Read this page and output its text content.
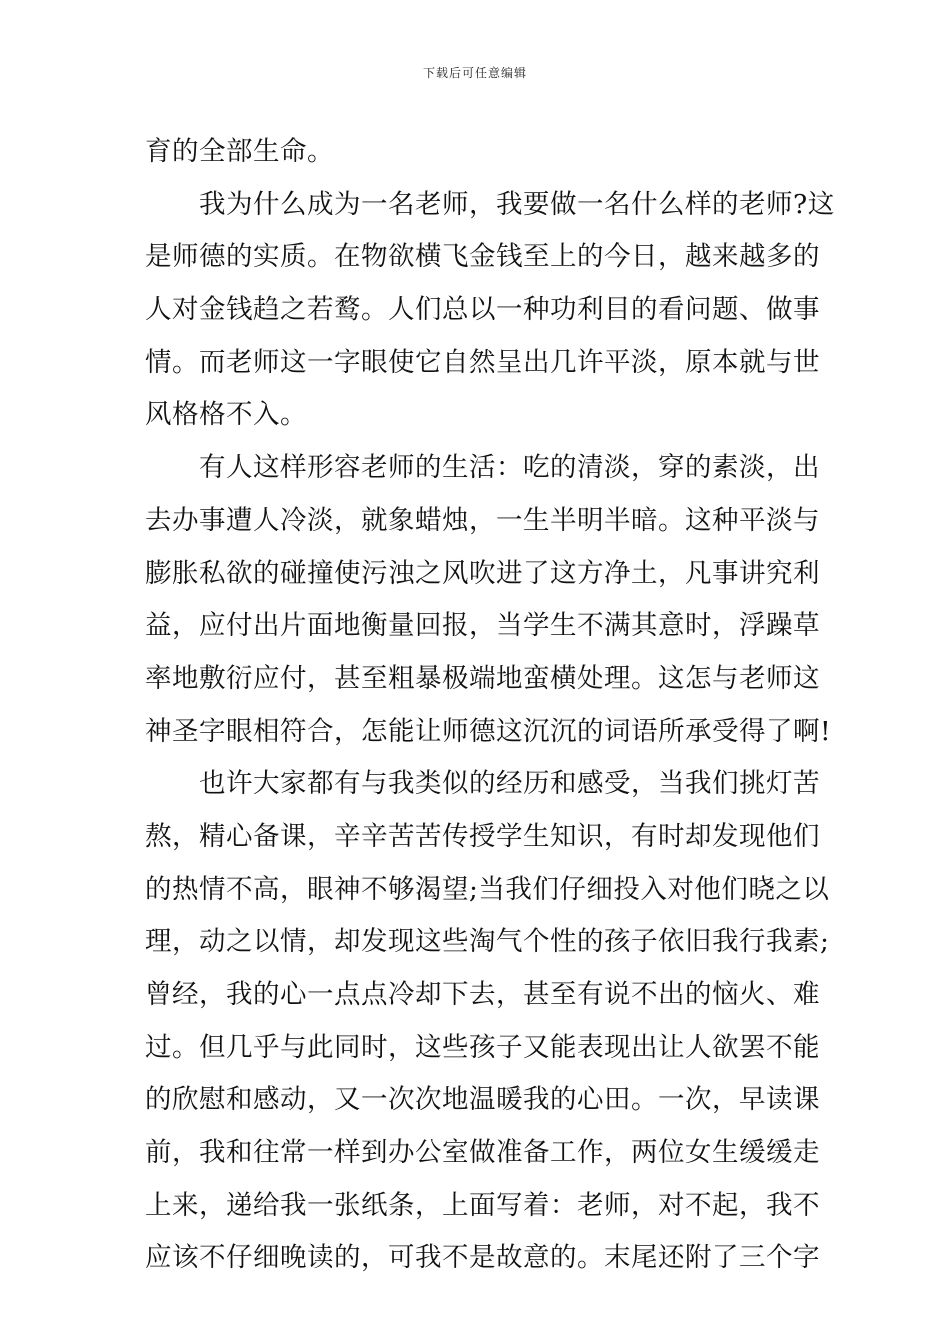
下载后可任意编辑
育的全部生命。
我为什么成为一名老师，我要做一名什么样的老师?这
是师德的实质。在物欲横飞金钱至上的今日，越来越多的
人对金钱趋之若鹜。人们总以一种功利目的看问题、做事
情。而老师这一字眼使它自然呈出几许平淡，原本就与世
风格格不入。
有人这样形容老师的生活：吃的清淡，穿的素淡，出
去办事遭人冷淡，就象蜡烛，一生半明半暗。这种平淡与
膨胀私欲的碰撞使污浊之风吹进了这方净土，凡事讲究利
益，应付出片面地衡量回报，当学生不满其意时，浮躁草
率地敷衍应付，甚至粗暴极端地蛮横处理。这怎与老师这
神圣字眼相符合，怎能让师德这沉沉的词语所承受得了啊!
也许大家都有与我类似的经历和感受，当我们挑灯苦
熬，精心备课，辛辛苦苦传授学生知识，有时却发现他们
的热情不高，眼神不够渴望;当我们仔细投入对他们晓之以
理，动之以情，却发现这些淘气个性的孩子依旧我行我素;
曾经，我的心一点点冷却下去，甚至有说不出的恼火、难
过。但几乎与此同时，这些孩子又能表现出让人欲罢不能
的欣慰和感动，又一次次地温暖我的心田。一次，早读课
前，我和往常一样到办公室做准备工作，两位女生缓缓走
上来，递给我一张纸条，上面写着：老师，对不起，我不
应该不仔细晚读的，可我不是故意的。末尾还附了三个字
